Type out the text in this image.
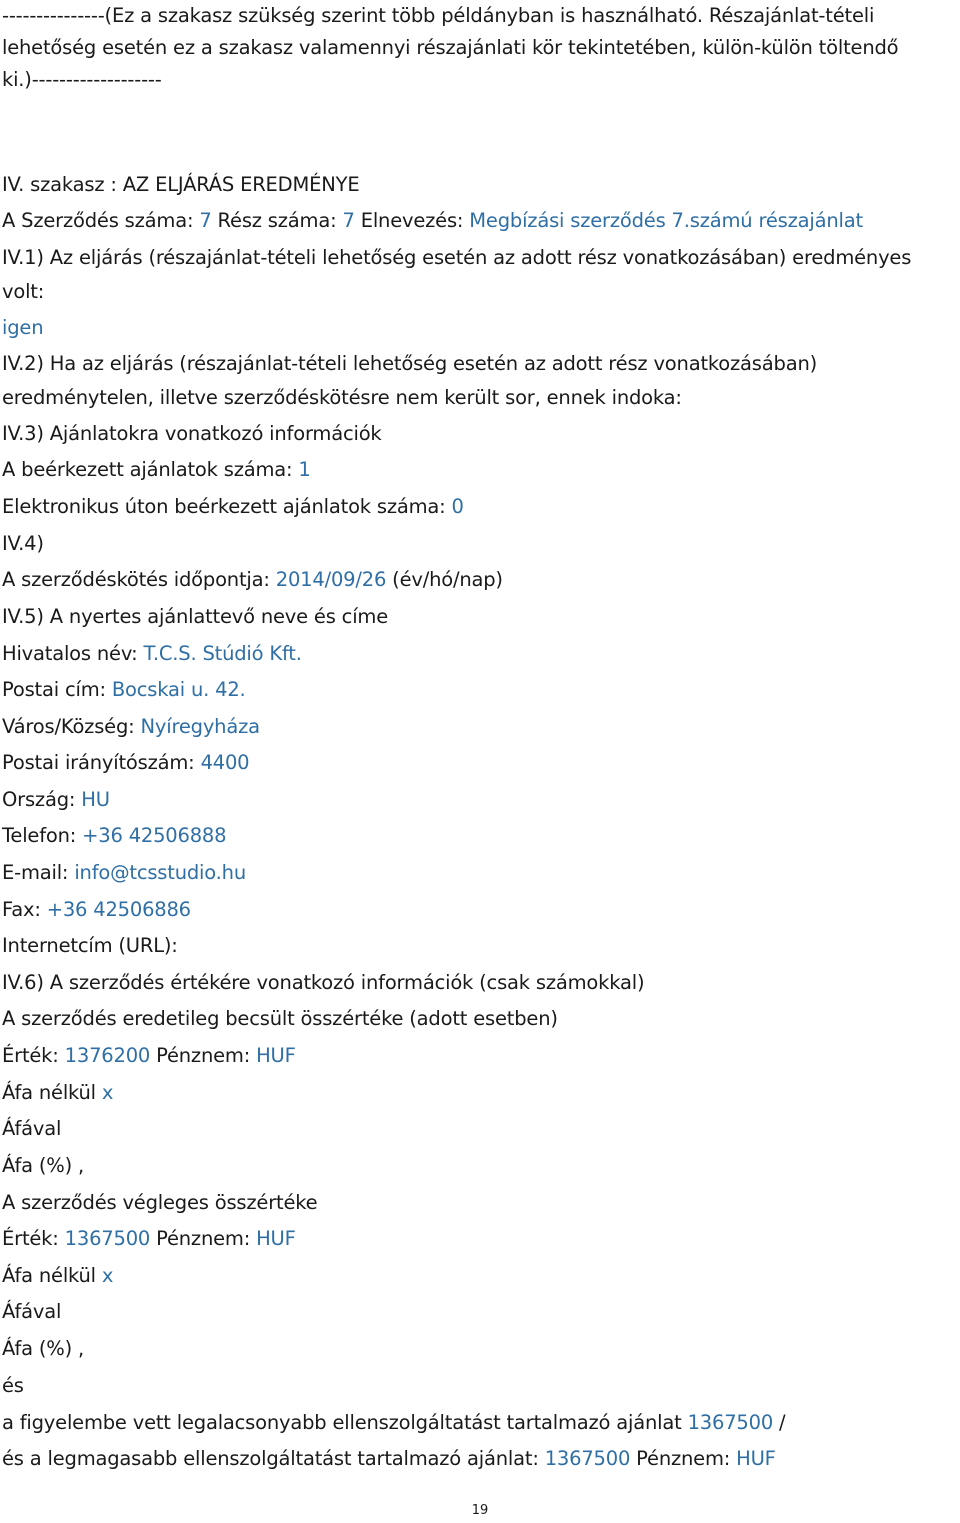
---------------(Ez a szakasz szükség szerint több példányban is használható. Részajánlat-tételi
lehetőség esetén ez a szakasz valamennyi részajánlati kör tekintetében, külön-külön töltendő
ki.)-------------------
IV. szakasz : AZ ELJÁRÁS EREDMÉNYE
A Szerződés száma: 7 Rész száma: 7 Elnevezés: Megbízási szerződés 7.számú részajánlat
IV.1) Az eljárás (részajánlat-tételi lehetőség esetén az adott rész vonatkozásában) eredményes
volt:
igen
IV.2) Ha az eljárás (részajánlat-tételi lehetőség esetén az adott rész vonatkozásában)
eredménytelen, illetve szerződéskötésre nem került sor, ennek indoka:
IV.3) Ajánlatokra vonatkozó információk
A beérkezett ajánlatok száma: 1
Elektronikus úton beérkezett ajánlatok száma: 0
IV.4)
A szerződéskötés időpontja: 2014/09/26 (év/hó/nap)
IV.5) A nyertes ajánlattevő neve és címe
Hivatalos név: T.C.S. Stúdió Kft.
Postai cím: Bocskai u. 42.
Város/Község: Nyíregyháza
Postai irányítószám: 4400
Ország: HU
Telefon: +36 42506888
E-mail: info@tcsstudio.hu
Fax: +36 42506886
Internetcím (URL):
IV.6) A szerződés értékére vonatkozó információk (csak számokkal)
A szerződés eredetileg becsült összértéke (adott esetben)
Érték: 1376200 Pénznem: HUF
Áfa nélkül x
Áfával
Áfa (%) ,
A szerződés végleges összértéke
Érték: 1367500 Pénznem: HUF
Áfa nélkül x
Áfával
Áfa (%) ,
és
a figyelembe vett legalacsonyabb ellenszolgáltatást tartalmazó ajánlat 1367500 /
és a legmagasabb ellenszolgáltatást tartalmazó ajánlat: 1367500 Pénznem: HUF
19
